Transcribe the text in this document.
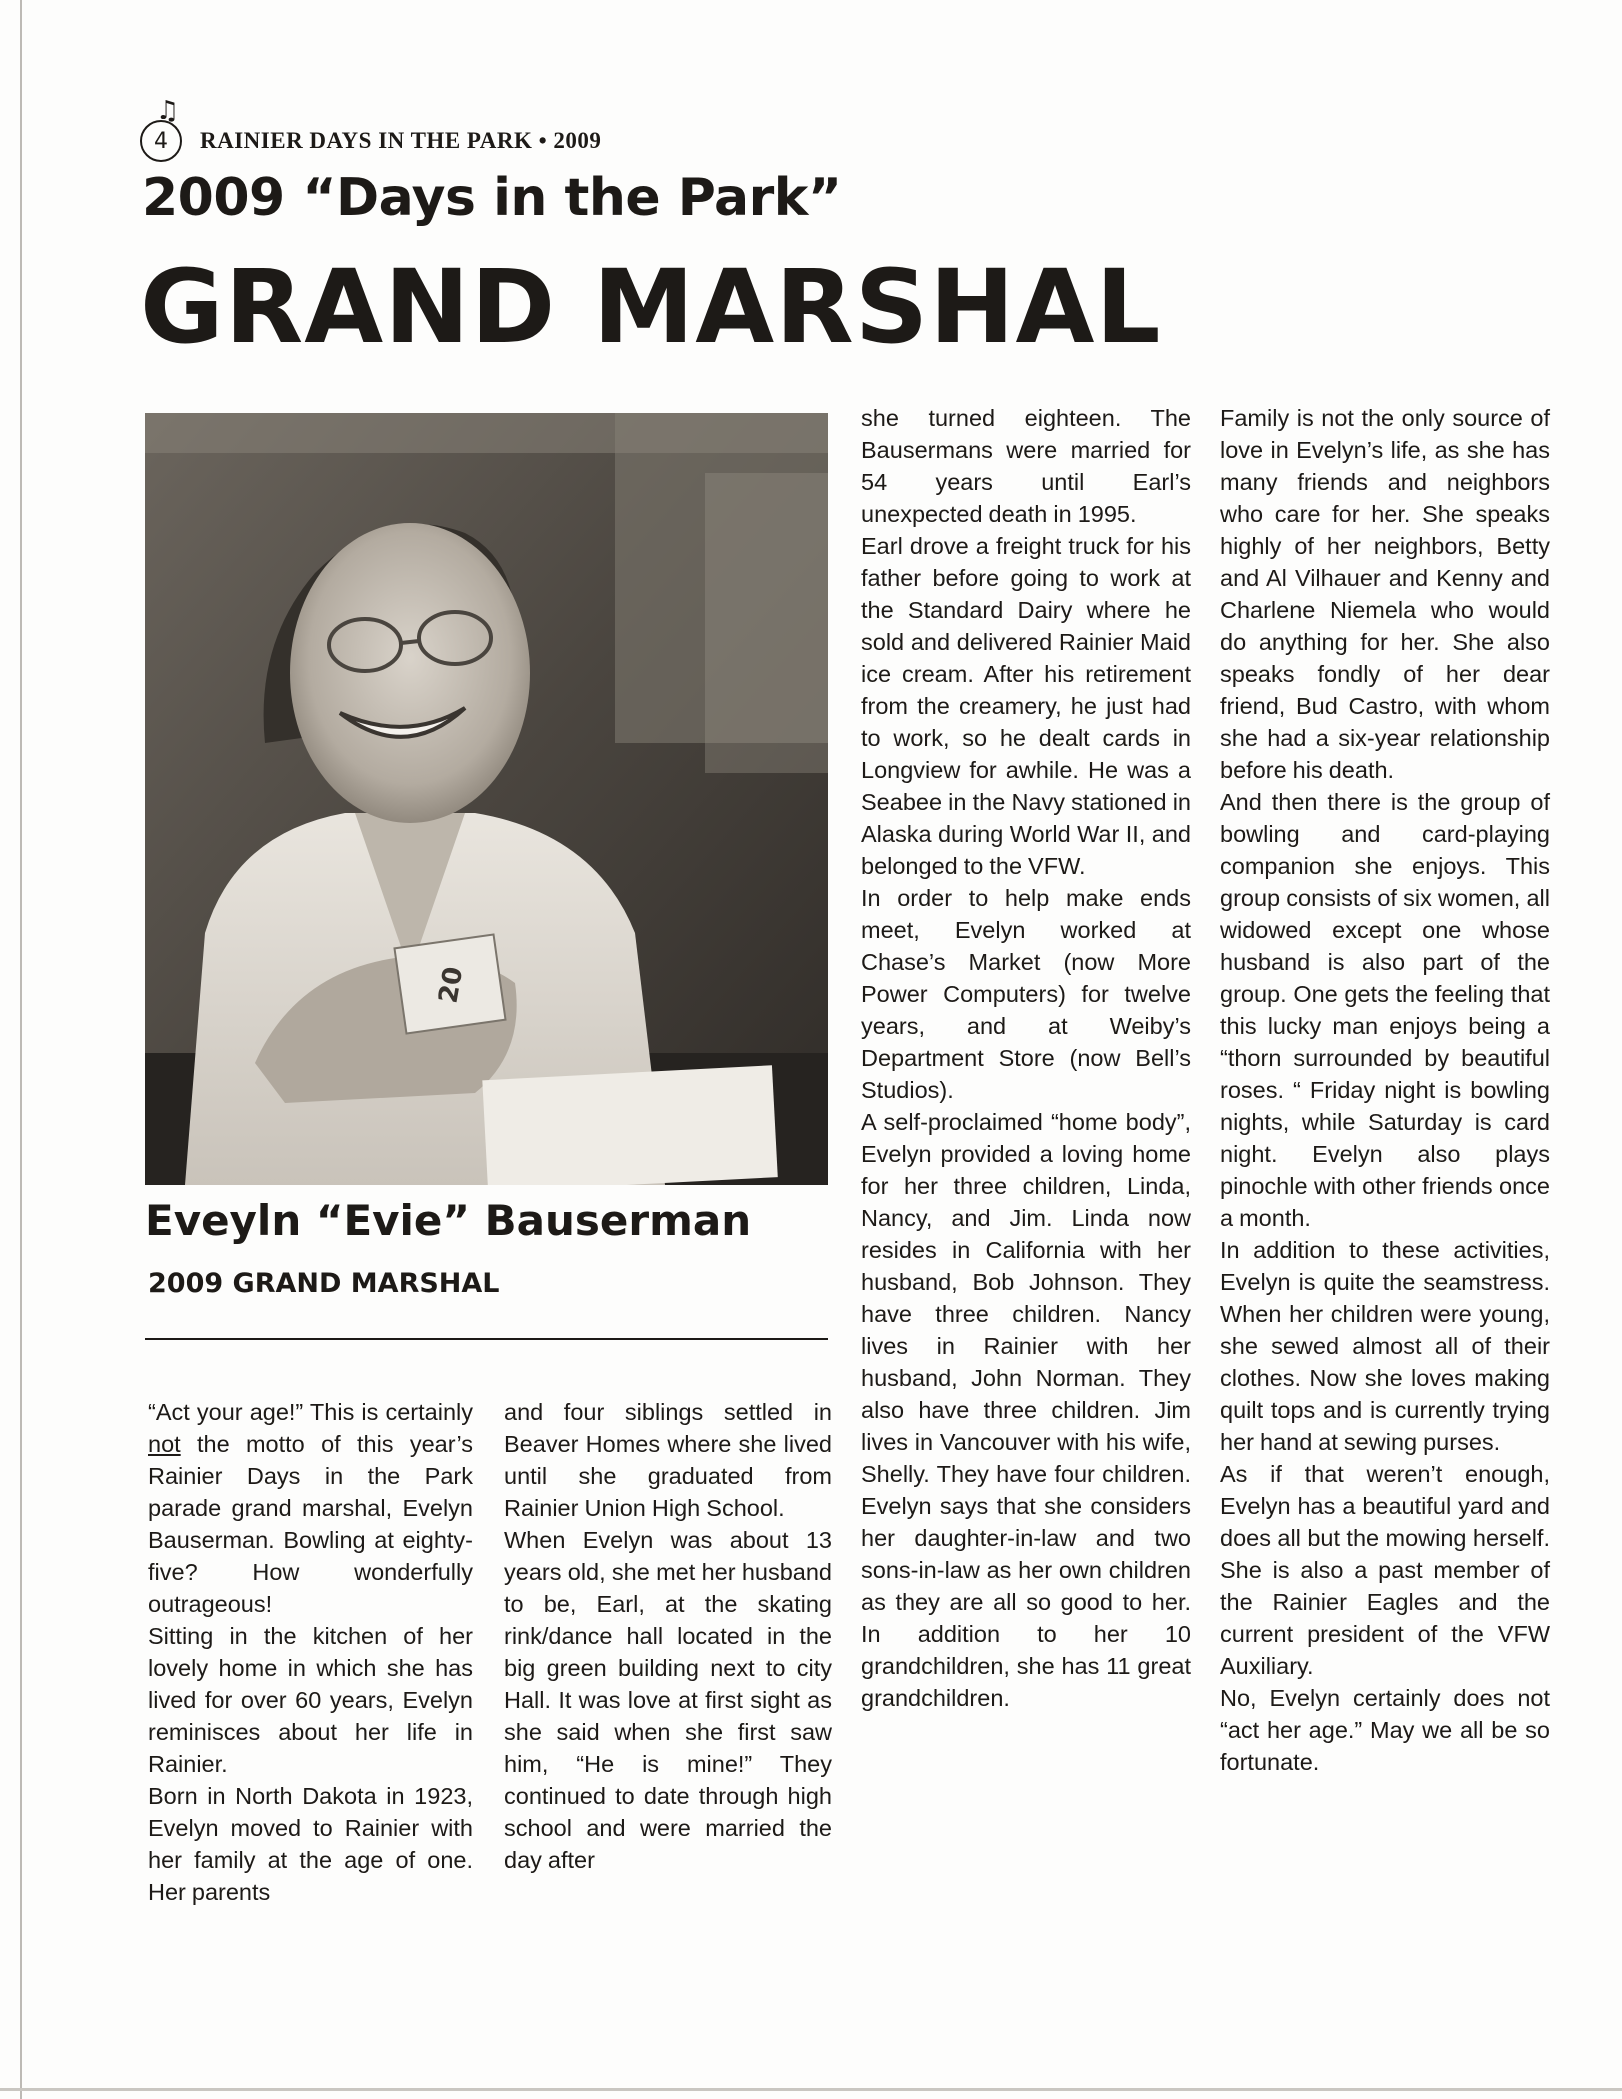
♫
4 RAINIER DAYS IN THE PARK • 2009
2009 “Days in the Park”
GRAND MARSHAL
20
Eveyln “Evie” Bauserman
2009 GRAND MARSHAL

“Act your age!” This is certainly not the motto of this year’s Rainier Days in the Park parade grand marshal, Evelyn Bauserman. Bowling at eighty-five? How wonderfully outrageous!

Sitting in the kitchen of her lovely home in which she has lived for over 60 years, Evelyn reminisces about her life in Rainier.

Born in North Dakota in 1923, Evelyn moved to Rainier with her family at the age of one. Her parents

and four siblings settled in Beaver Homes where she lived until she graduated from Rainier Union High School.

When Evelyn was about 13 years old, she met her husband to be, Earl, at the skating rink/dance hall located in the big green building next to city Hall. It was love at first sight as she said when she first saw him, “He is mine!” They continued to date through high school and were married the day after

she turned eighteen. The Bausermans were married for 54 years until Earl’s unexpected death in 1995.

Earl drove a freight truck for his father before going to work at the Standard Dairy where he sold and delivered Rainier Maid ice cream. After his retirement from the creamery, he just had to work, so he dealt cards in Longview for awhile. He was a Seabee in the Navy stationed in Alaska during World War II, and belonged to the VFW.

In order to help make ends meet, Evelyn worked at Chase’s Market (now More Power Computers) for twelve years, and at Weiby’s Department Store (now Bell’s Studios).

A self-proclaimed “home body”, Evelyn provided a loving home for her three children, Linda, Nancy, and Jim. Linda now resides in California with her husband, Bob Johnson. They have three children. Nancy lives in Rainier with her husband, John Norman. They also have three children. Jim lives in Vancouver with his wife, Shelly. They have four children. Evelyn says that she considers her daughter-in-law and two sons-in-law as her own children as they are all so good to her. In addition to her 10 grandchildren, she has 11 great grandchildren.

Family is not the only source of love in Evelyn’s life, as she has many friends and neighbors who care for her. She speaks highly of her neighbors, Betty and Al Vilhauer and Kenny and Charlene Niemela who would do anything for her. She also speaks fondly of her dear friend, Bud Castro, with whom she had a six-year relationship before his death.

And then there is the group of bowling and card-playing companion she enjoys. This group consists of six women, all widowed except one whose husband is also part of the group. One gets the feeling that this lucky man enjoys being a “thorn surrounded by beautiful roses. “ Friday night is bowling nights, while Saturday is card night. Evelyn also plays pinochle with other friends once a month.

In addition to these activities, Evelyn is quite the seamstress. When her children were young, she sewed almost all of their clothes. Now she loves making quilt tops and is currently trying her hand at sewing purses.

As if that weren’t enough, Evelyn has a beautiful yard and does all but the mowing herself. She is also a past member of the Rainier Eagles and the current president of the VFW Auxiliary.

No, Evelyn certainly does not “act her age.” May we all be so fortunate.
